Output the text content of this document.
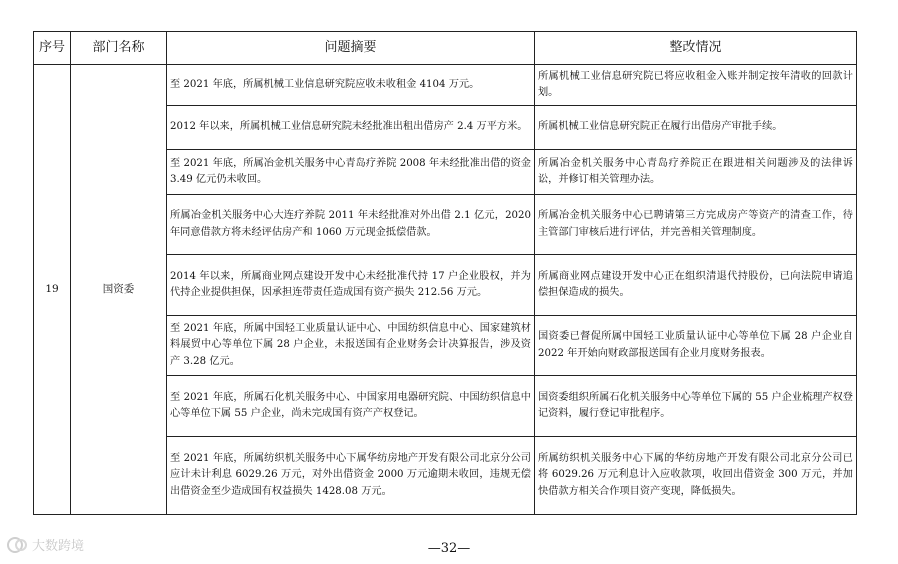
序号	部门名称	问题摘要	整改情况
19	国资委	至 2021 年底，所属机械工业信息研究院应收未收租金 4104 万元。	所属机械工业信息研究院已将应收租金入账并制定按年清收的回款计划。
		2012 年以来，所属机械工业信息研究院未经批准出租出借房产 2.4 万平方米。	所属机械工业信息研究院正在履行出借房产审批手续。
		至 2021 年底，所属冶金机关服务中心青岛疗养院 2008 年未经批准出借的资金 3.49 亿元仍未收回。	所属冶金机关服务中心青岛疗养院正在跟进相关问题涉及的法律诉讼，并修订相关管理办法。
		所属冶金机关服务中心大连疗养院 2011 年未经批准对外出借 2.1 亿元，2020 年同意借款方将未经评估房产和 1060 万元现金抵偿借款。	所属冶金机关服务中心已聘请第三方完成房产等资产的清查工作，待主管部门审核后进行评估，并完善相关管理制度。
		2014 年以来，所属商业网点建设开发中心未经批准代持 17 户企业股权，并为代持企业提供担保，因承担连带责任造成国有资产损失 212.56 万元。	所属商业网点建设开发中心正在组织清退代持股份，已向法院申请追偿担保造成的损失。
		至 2021 年底，所属中国轻工业质量认证中心、中国纺织信息中心、国家建筑材料展贸中心等单位下属 28 户企业，未报送国有企业财务会计决算报告，涉及资产 3.28 亿元。	国资委已督促所属中国轻工业质量认证中心等单位下属 28 户企业自 2022 年开始向财政部报送国有企业月度财务报表。
		至 2021 年底，所属石化机关服务中心、中国家用电器研究院、中国纺织信息中心等单位下属 55 户企业，尚未完成国有资产产权登记。	国资委组织所属石化机关服务中心等单位下属的 55 户企业梳理产权登记资料，履行登记审批程序。
		至 2021 年底，所属纺织机关服务中心下属华纺房地产开发有限公司北京分公司应计未计利息 6029.26 万元，对外出借资金 2000 万元逾期未收回，违规无偿出借资金至少造成国有权益损失 1428.08 万元。	所属纺织机关服务中心下属的华纺房地产开发有限公司北京分公司已将 6029.26 万元利息计入应收款项，收回出借资金 300 万元，并加快借款方相关合作项目资产变现，降低损失。
—32—
大数跨境
